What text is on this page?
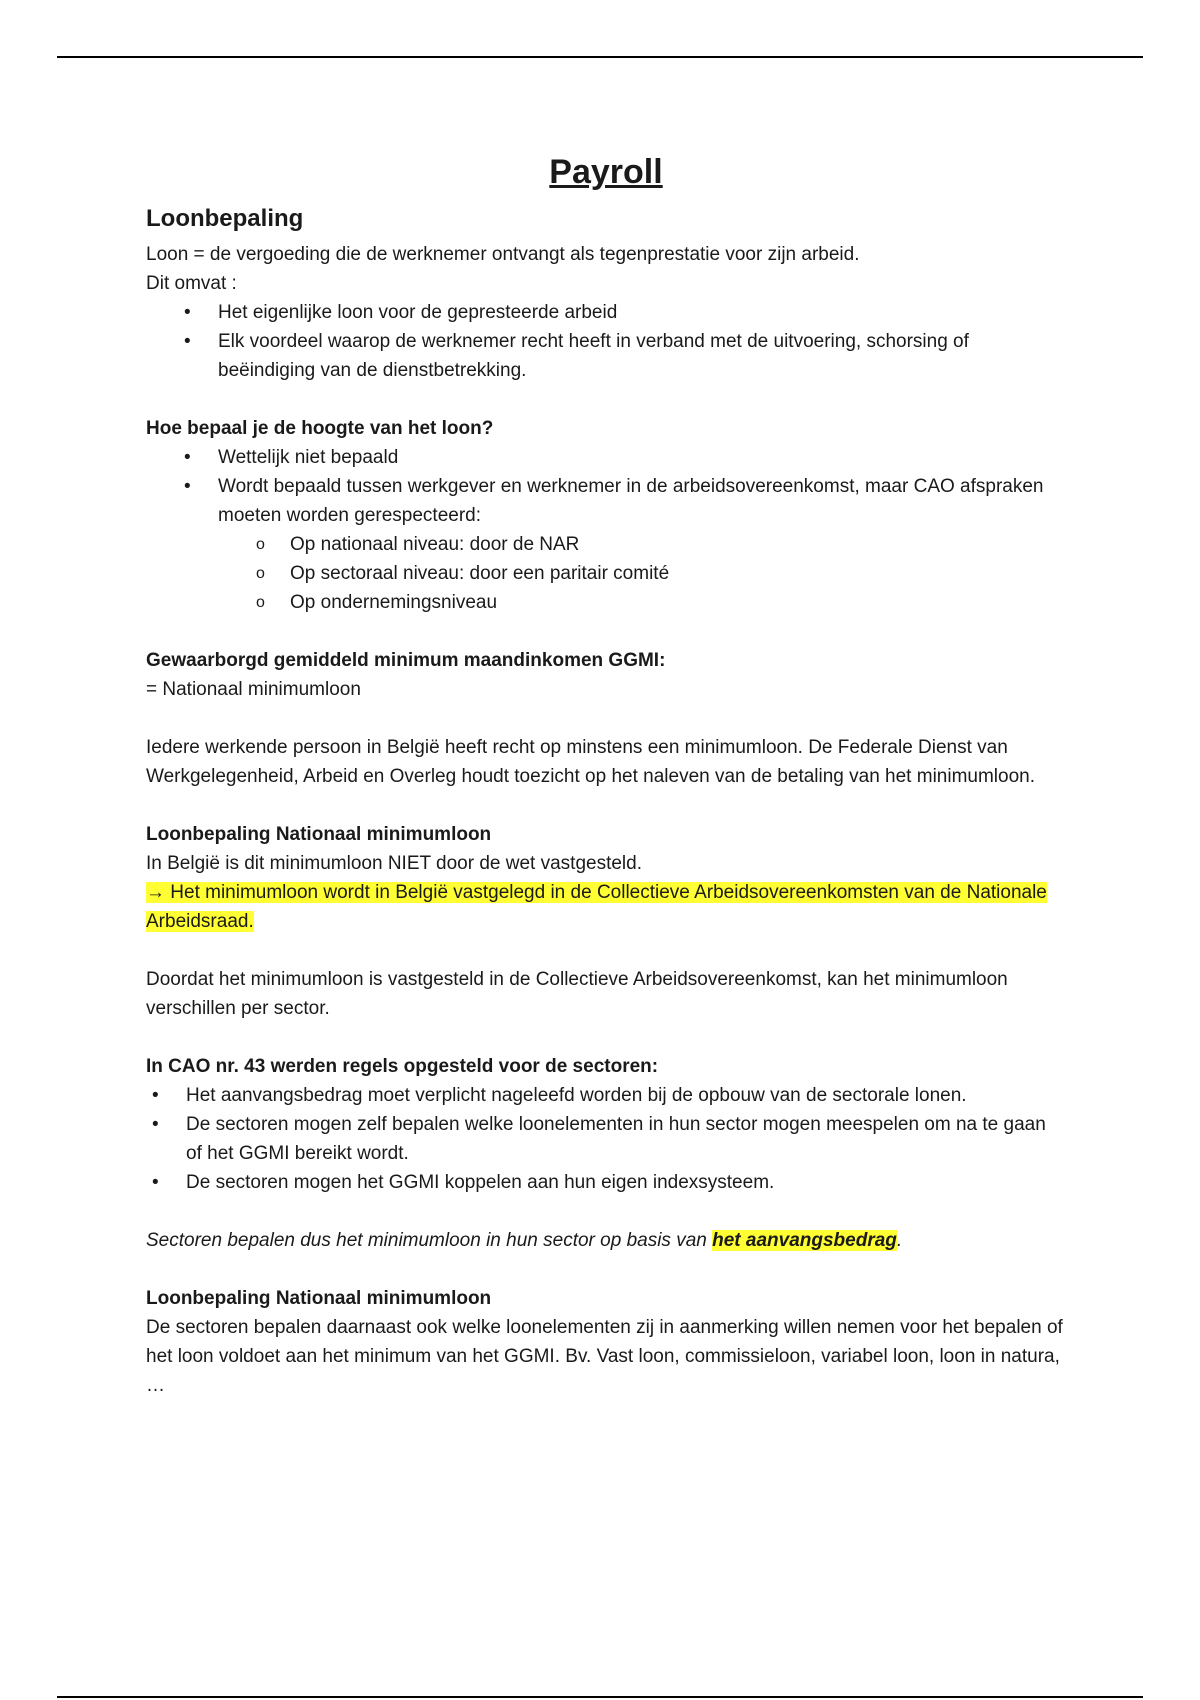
Payroll
Loonbepaling

Loon = de vergoeding die de werknemer ontvangt als tegenprestatie voor zijn arbeid.

Dit omvat :

• Het eigenlijke loon voor de gepresteerde arbeid
• Elk voordeel waarop de werknemer recht heeft in verband met de uitvoering, schorsing of beëindiging van de dienstbetrekking.
Hoe bepaal je de hoogte van het loon?
• Wettelijk niet bepaald
• Wordt bepaald tussen werkgever en werknemer in de arbeidsovereenkomst, maar CAO afspraken moeten worden gerespecteerd:
o Op nationaal niveau: door de NAR
o Op sectoraal niveau: door een paritair comité
o Op ondernemingsniveau
Gewaarborgd gemiddeld minimum maandinkomen GGMI:

= Nationaal minimumloon

Iedere werkende persoon in België heeft recht op minstens een minimumloon. De Federale Dienst van Werkgelegenheid, Arbeid en Overleg houdt toezicht op het naleven van de betaling van het minimumloon.

Loonbepaling Nationaal minimumloon

In België is dit minimumloon NIET door de wet vastgesteld.

→ Het minimumloon wordt in België vastgelegd in de Collectieve Arbeidsovereenkomsten van de Nationale Arbeidsraad.

Doordat het minimumloon is vastgesteld in de Collectieve Arbeidsovereenkomst, kan het minimumloon verschillen per sector.

In CAO nr. 43 werden regels opgesteld voor de sectoren:
• Het aanvangsbedrag moet verplicht nageleefd worden bij de opbouw van de sectorale lonen.
• De sectoren mogen zelf bepalen welke loonelementen in hun sector mogen meespelen om na te gaan of het GGMI bereikt wordt.
• De sectoren mogen het GGMI koppelen aan hun eigen indexsysteem.

Sectoren bepalen dus het minimumloon in hun sector op basis van het aanvangsbedrag.

Loonbepaling Nationaal minimumloon

De sectoren bepalen daarnaast ook welke loonelementen zij in aanmerking willen nemen voor het bepalen of het loon voldoet aan het minimum van het GGMI. Bv. Vast loon, commissieloon, variabel loon, loon in natura, …
